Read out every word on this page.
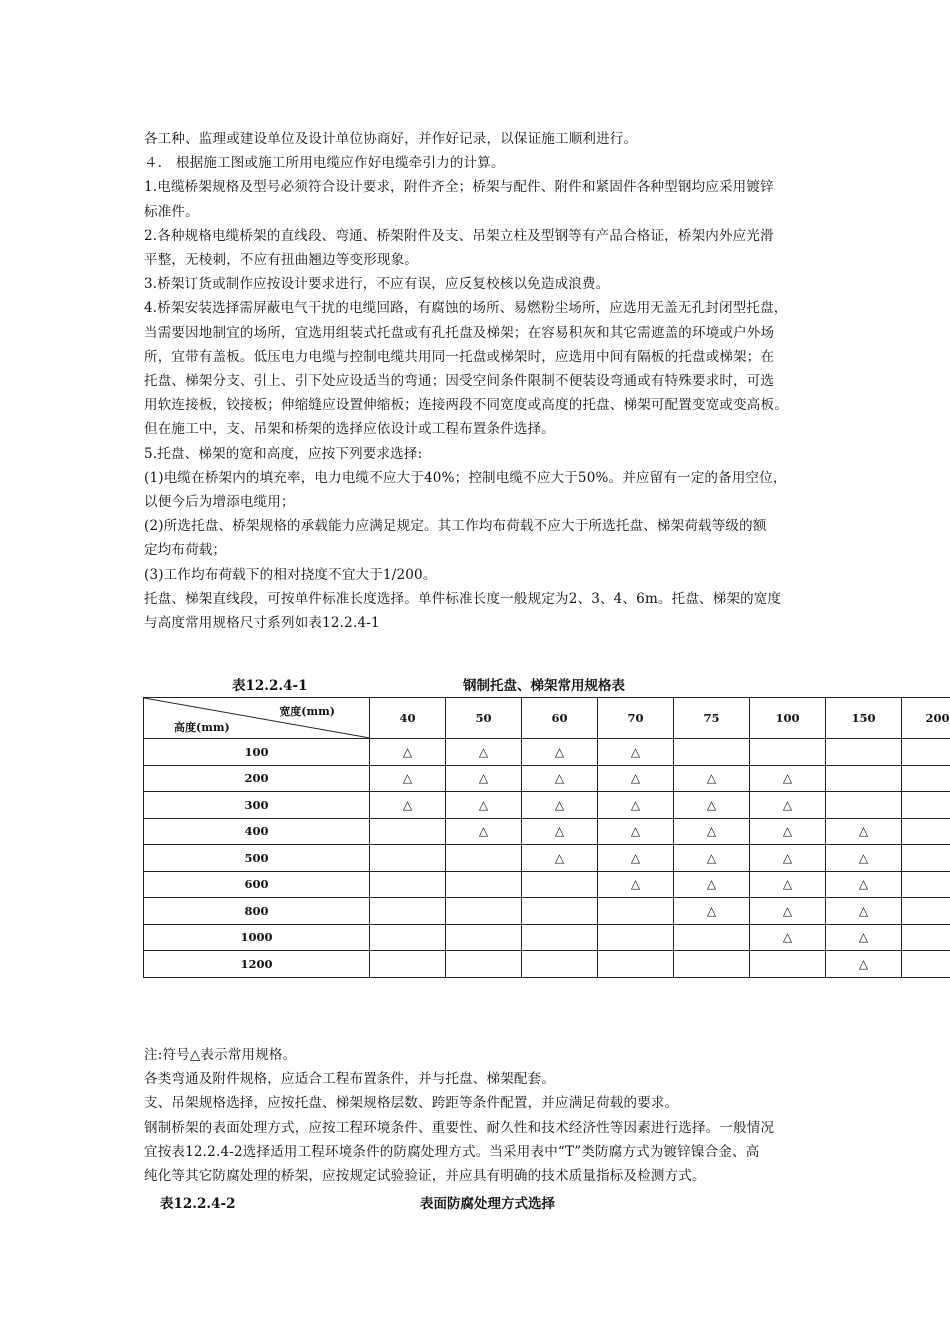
各工种、监理或建设单位及设计单位协商好，并作好记录，以保证施工顺利进行。

４． 根据施工图或施工所用电缆应作好电缆牵引力的计算。

1.电缆桥架规格及型号必须符合设计要求，附件齐全；桥架与配件、附件和紧固件各种型钢均应采用镀锌

标准件。

2.各种规格电缆桥架的直线段、弯通、桥架附件及支、吊架立柱及型钢等有产品合格证，桥架内外应光滑

平整，无棱刺，不应有扭曲翘边等变形现象。

3.桥架订货或制作应按设计要求进行，不应有误，应反复校核以免造成浪费。

4.桥架安装选择需屏蔽电气干扰的电缆回路，有腐蚀的场所、易燃粉尘场所，应选用无盖无孔封闭型托盘，

当需要因地制宜的场所，宜选用组装式托盘或有孔托盘及梯架；在容易积灰和其它需遮盖的环境或户外场

所，宜带有盖板。低压电力电缆与控制电缆共用同一托盘或梯架时，应选用中间有隔板的托盘或梯架；在

托盘、梯架分支、引上、引下处应设适当的弯通；因受空间条件限制不便装设弯通或有特殊要求时，可选

用软连接板，铰接板；伸缩缝应设置伸缩板；连接两段不同宽度或高度的托盘、梯架可配置变宽或变高板。

但在施工中，支、吊架和桥架的选择应依设计或工程布置条件选择。

5.托盘、梯架的宽和高度，应按下列要求选择:

(1)电缆在桥架内的填充率，电力电缆不应大于40%；控制电缆不应大于50%。并应留有一定的备用空位，

以便今后为增添电缆用；

(2)所选托盘、桥架规格的承载能力应满足规定。其工作均布荷载不应大于所选托盘、梯架荷载等级的额

定均布荷载；

(3)工作均布荷载下的相对挠度不宜大于1/200。

托盘、梯架直线段，可按单件标准长度选择。单件标准长度一般规定为2、3、4、6m。托盘、梯架的宽度

与高度常用规格尺寸系列如表12.2.4-1

表12.2.4-1	钢制托盘、梯架常用规格表
宽度(mm)
高度(mm)	40	50	60	70	75	100	150	200
100	△	△	△	△				
200	△	△	△	△	△	△		
300	△	△	△	△	△	△		
400		△	△	△	△	△	△	
500			△	△	△	△	△	
600				△	△	△	△	
800					△	△	△	
1000						△	△	
1200							△	

注:符号△表示常用规格。

各类弯通及附件规格，应适合工程布置条件，并与托盘、梯架配套。

支、吊架规格选择，应按托盘、梯架规格层数、跨距等条件配置，并应满足荷载的要求。

钢制桥架的表面处理方式，应按工程环境条件、重要性、耐久性和技术经济性等因素进行选择。一般情况

宜按表12.2.4-2选择适用工程环境条件的防腐处理方式。当采用表中“T”类防腐方式为镀锌镍合金、高

纯化等其它防腐处理的桥架，应按规定试验验证，并应具有明确的技术质量指标及检测方式。

表12.2.4-2	表面防腐处理方式选择
